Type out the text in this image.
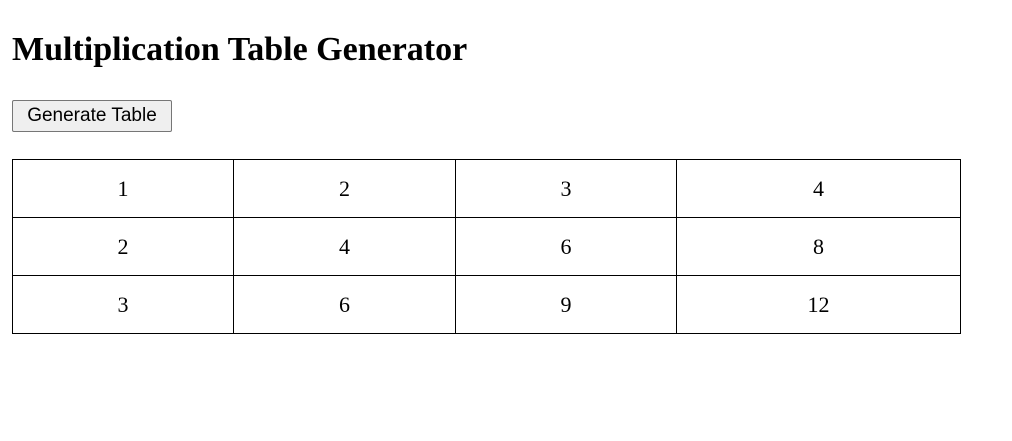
Multiplication Table Generator
Generate Table
1	2	3	4
2	4	6	8
3	6	9	12
